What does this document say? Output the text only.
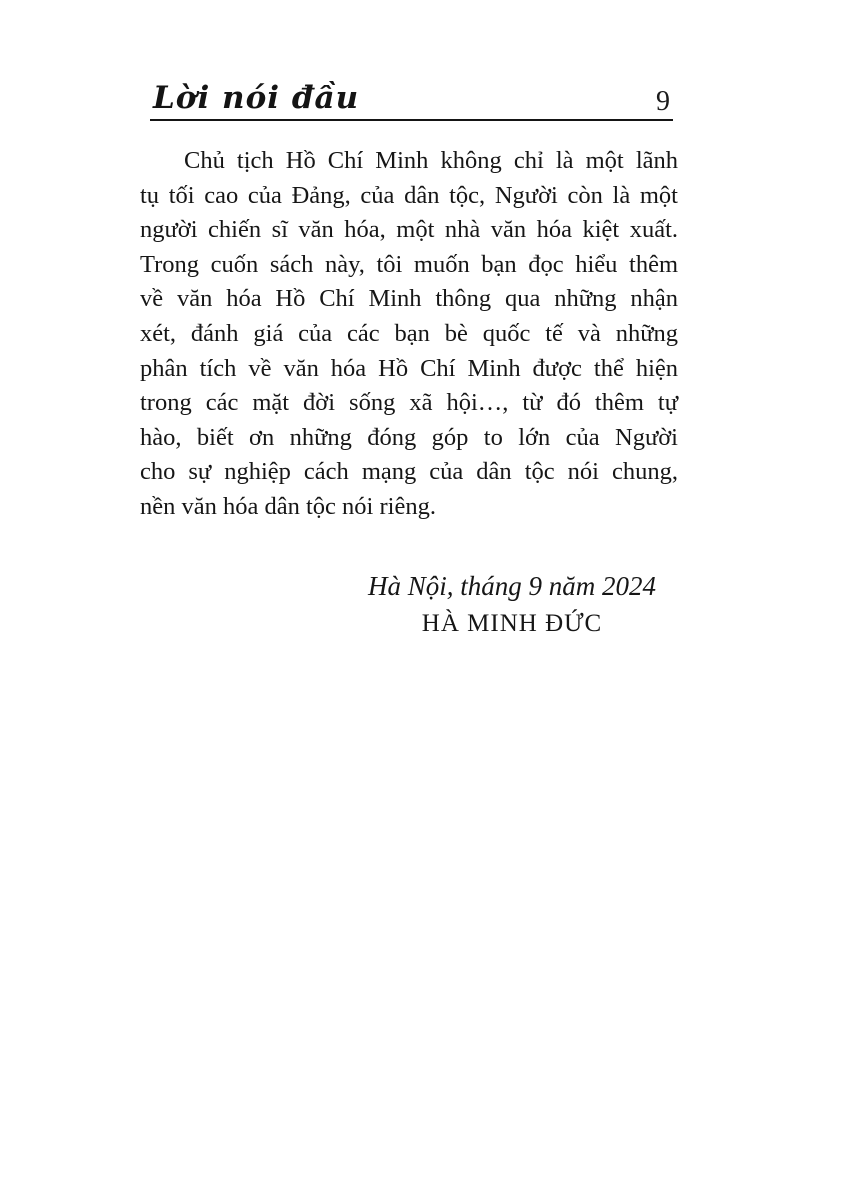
Lời nói đầu	9
Chủ tịch Hồ Chí Minh không chỉ là một lãnh
tụ tối cao của Đảng, của dân tộc, Người còn là một
người chiến sĩ văn hóa, một nhà văn hóa kiệt xuất.
Trong cuốn sách này, tôi muốn bạn đọc hiểu thêm
về văn hóa Hồ Chí Minh thông qua những nhận
xét, đánh giá của các bạn bè quốc tế và những
phân tích về văn hóa Hồ Chí Minh được thể hiện
trong các mặt đời sống xã hội…, từ đó thêm tự
hào, biết ơn những đóng góp to lớn của Người
cho sự nghiệp cách mạng của dân tộc nói chung,
nền văn hóa dân tộc nói riêng.
Hà Nội, tháng 9 năm 2024
HÀ MINH ĐỨC
